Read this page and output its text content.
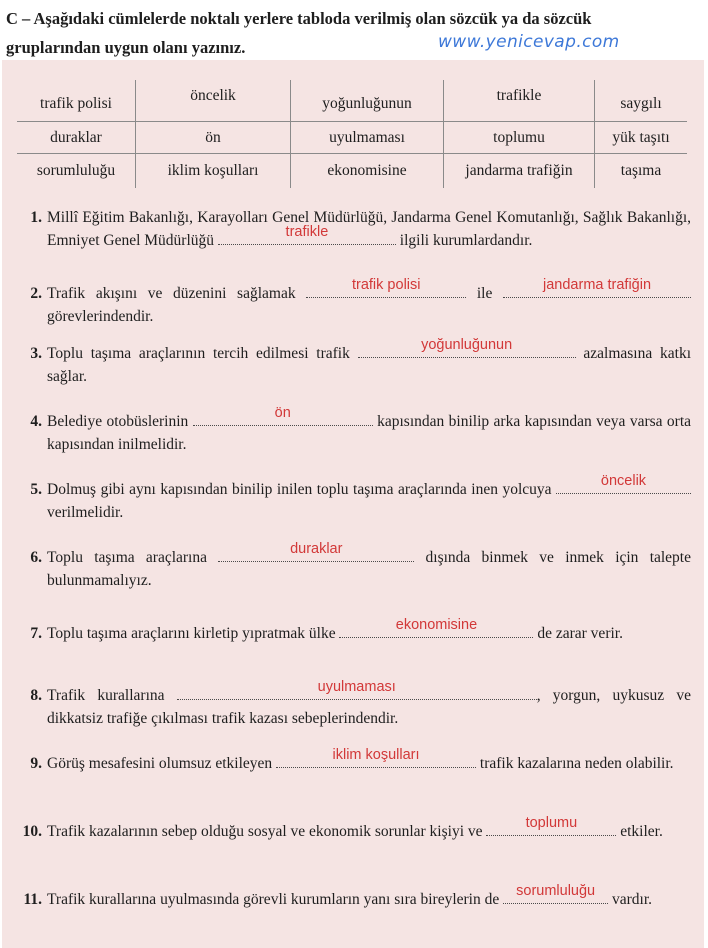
C – Aşağıdaki cümlelerde noktalı yerlere tabloda verilmiş olan sözcük ya da sözcük
gruplarından uygun olanı yazınız.	www.yenicevap.com
trafik polisi	öncelik	yoğunluğunun	trafikle	saygılı
duraklar	ön	uyulmaması	toplumu	yük taşıtı
sorumluluğu	iklim koşulları	ekonomisine	jandarma trafiğin	taşıma
1. Millî Eğitim Bakanlığı, Karayolları Genel Müdürlüğü, Jandarma Genel Komutanlığı, Sağlık Bakanlığı, Emniyet Genel Müdürlüğü	trafikle	ilgili kurumlardandır.
2. Trafik akışını ve düzenini sağlamak	trafik polisi	ile	jandarma trafiğin
görevlerindendir.
3. Toplu taşıma araçlarının tercih edilmesi trafik	yoğunluğunun	azalmasına katkı sağlar.
4. Belediye otobüslerinin	ön	kapısından binilip arka kapısından veya varsa orta kapısından inilmelidir.
5. Dolmuş gibi aynı kapısından binilip inilen toplu taşıma araçlarında inen yolcuya	öncelik
verilmelidir.
6. Toplu taşıma araçlarına	duraklar	dışında binmek ve inmek için talepte bulunmamalıyız.
7. Toplu taşıma araçlarını kirletip yıpratmak ülke	ekonomisine	de zarar verir.
8. Trafik kurallarına	uyulmaması	, yorgun, uykusuz ve dikkatsiz trafiğe çıkılması trafik kazası sebeplerindendir.
9. Görüş mesafesini olumsuz etkileyen	iklim koşulları	trafik kazalarına neden olabilir.
10. Trafik kazalarının sebep olduğu sosyal ve ekonomik sorunlar kişiyi ve	toplumu	etkiler.
11. Trafik kurallarına uyulmasında görevli kurumların yanı sıra bireylerin de	sorumluluğu	vardır.
